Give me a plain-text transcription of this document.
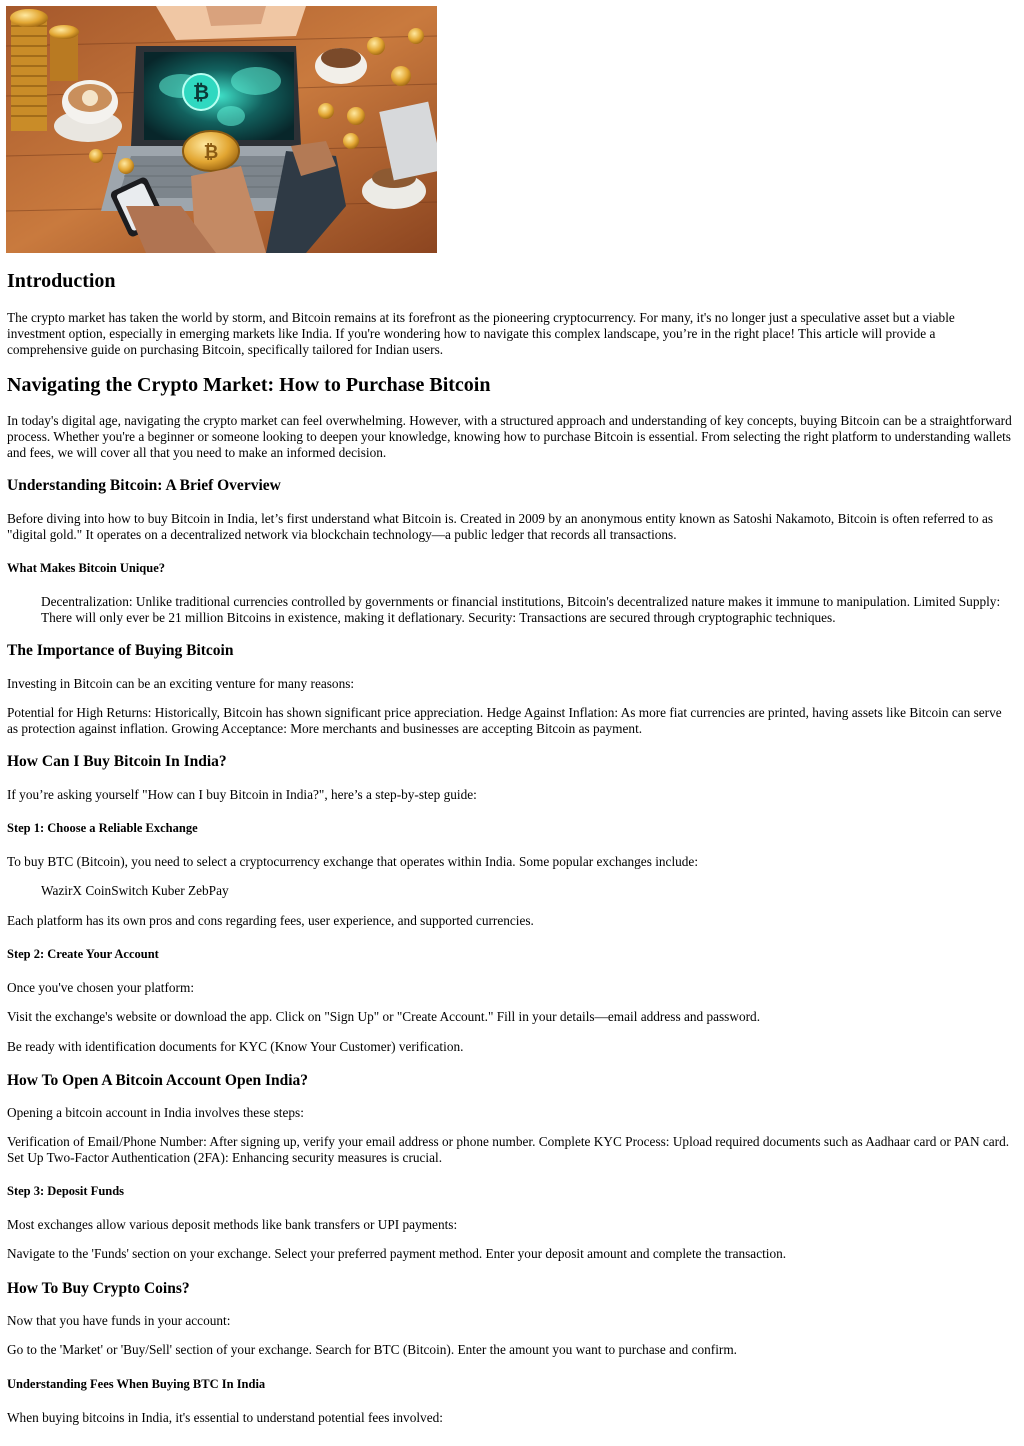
₿
₿
Introduction

The crypto market has taken the world by storm, and Bitcoin remains at its forefront as the pioneering cryptocurrency. For many, it's no longer just a speculative asset but a viable investment option, especially in emerging markets like India. If you're wondering how to navigate this complex landscape, you’re in the right place! This article will provide a comprehensive guide on purchasing Bitcoin, specifically tailored for Indian users.

Navigating the Crypto Market: How to Purchase Bitcoin

In today's digital age, navigating the crypto market can feel overwhelming. However, with a structured approach and understanding of key concepts, buying Bitcoin can be a straightforward process. Whether you're a beginner or someone looking to deepen your knowledge, knowing how to purchase Bitcoin is essential. From selecting the right platform to understanding wallets and fees, we will cover all that you need to make an informed decision.

Understanding Bitcoin: A Brief Overview

Before diving into how to buy Bitcoin in India, let’s first understand what Bitcoin is. Created in 2009 by an anonymous entity known as Satoshi Nakamoto, Bitcoin is often referred to as "digital gold." It operates on a decentralized network via blockchain technology—a public ledger that records all transactions.

What Makes Bitcoin Unique?

Decentralization: Unlike traditional currencies controlled by governments or financial institutions, Bitcoin's decentralized nature makes it immune to manipulation. Limited Supply: There will only ever be 21 million Bitcoins in existence, making it deflationary. Security: Transactions are secured through cryptographic techniques.

The Importance of Buying Bitcoin

Investing in Bitcoin can be an exciting venture for many reasons:

Potential for High Returns: Historically, Bitcoin has shown significant price appreciation. Hedge Against Inflation: As more fiat currencies are printed, having assets like Bitcoin can serve as protection against inflation. Growing Acceptance: More merchants and businesses are accepting Bitcoin as payment.

How Can I Buy Bitcoin In India?

If you’re asking yourself "How can I buy Bitcoin in India?", here’s a step-by-step guide:

Step 1: Choose a Reliable Exchange

To buy BTC (Bitcoin), you need to select a cryptocurrency exchange that operates within India. Some popular exchanges include:

WazirX CoinSwitch Kuber ZebPay

Each platform has its own pros and cons regarding fees, user experience, and supported currencies.

Step 2: Create Your Account

Once you've chosen your platform:

Visit the exchange's website or download the app. Click on "Sign Up" or "Create Account." Fill in your details—email address and password.

Be ready with identification documents for KYC (Know Your Customer) verification.

How To Open A Bitcoin Account Open India?

Opening a bitcoin account in India involves these steps:

Verification of Email/Phone Number: After signing up, verify your email address or phone number. Complete KYC Process: Upload required documents such as Aadhaar card or PAN card. Set Up Two-Factor Authentication (2FA): Enhancing security measures is crucial.

Step 3: Deposit Funds

Most exchanges allow various deposit methods like bank transfers or UPI payments:

Navigate to the 'Funds' section on your exchange. Select your preferred payment method. Enter your deposit amount and complete the transaction.

How To Buy Crypto Coins?

Now that you have funds in your account:

Go to the 'Market' or 'Buy/Sell' section of your exchange. Search for BTC (Bitcoin). Enter the amount you want to purchase and confirm.

Understanding Fees When Buying BTC In India

When buying bitcoins in India, it's essential to understand potential fees involved:
